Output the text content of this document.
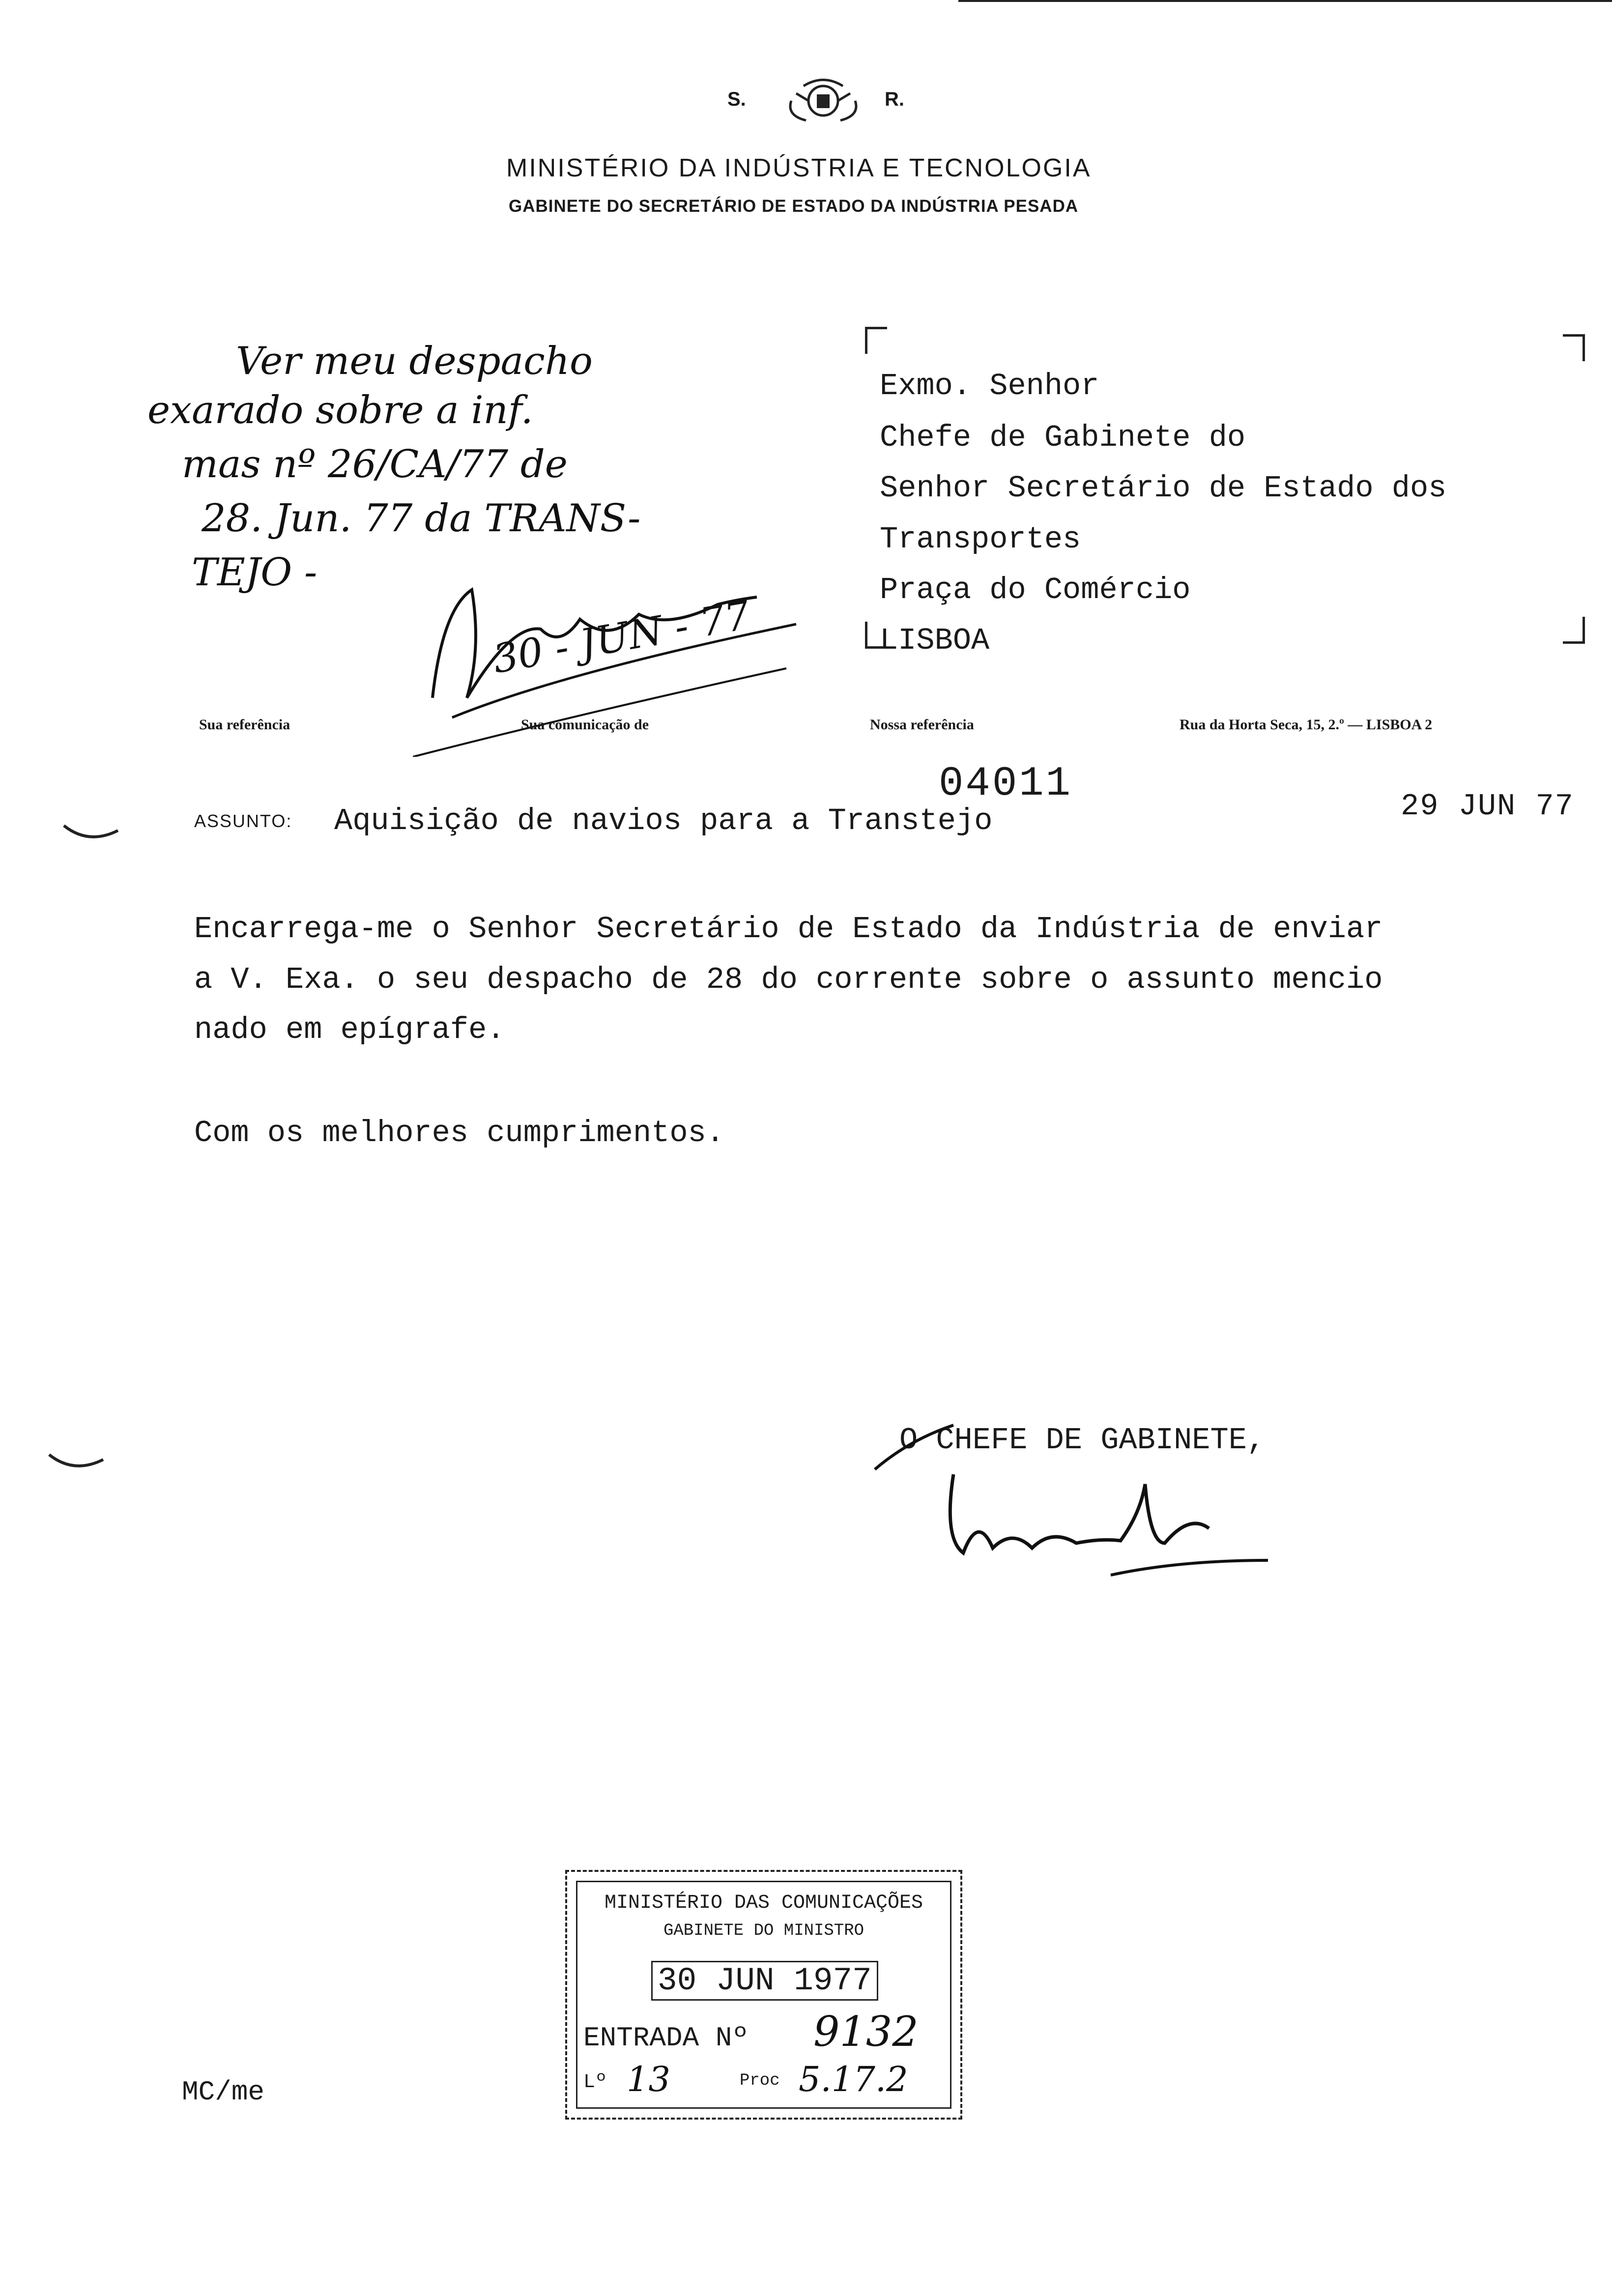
S.	R.
MINISTÉRIO DA INDÚSTRIA E TECNOLOGIA
GABINETE DO SECRETÁRIO DE ESTADO DA INDÚSTRIA PESADA
Ver meu despacho
exarado sobre a inf.
mas nº 26/CA/77 de
28. Jun. 77 da TRANS-
TEJO -
30 - JUN - 77
Exmo. Senhor
Chefe de Gabinete do
Senhor Secretário de Estado dos
Transportes
Praça do Comércio
LISBOA
Sua referência	Sua comunicação de	Nossa referência	Rua da Horta Seca, 15, 2.º — LISBOA 2
04011	29 JUN 77
ASSUNTO: Aquisição de navios para a Transtejo
Encarrega-me o Senhor Secretário de Estado da Indústria de enviar
a V. Exa. o seu despacho de 28 do corrente sobre o assunto mencio
nado em epígrafe.
Com os melhores cumprimentos.
O CHEFE DE GABINETE,
MINISTÉRIO DAS COMUNICAÇÕES
GABINETE DO MINISTRO
30 JUN 1977
ENTRADA Nº 9132
Lº 13	Proc 5.17.2
MC/me
